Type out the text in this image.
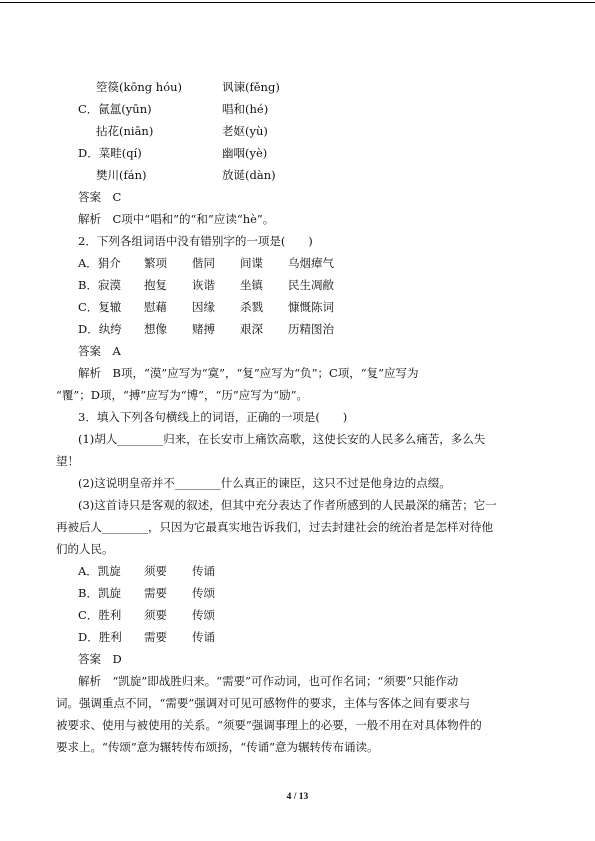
箜篌(kōng hóu)	讽谏(fěng)
C．氤氲(yūn)	唱和(hé)
拈花(niān)	老妪(yù)
D．菜畦(qí)	幽咽(yè)
樊川(fán)	放诞(dàn)
答案　C
解析　C项中“唱和”的“和”应读“hè”。
2．下列各组词语中没有错别字的一项是(　　)
A．狷介 繁项 偕同 间谍 乌烟瘴气
B．寂漠 抱复 诙谐 坐镇 民生凋敝
C．复辙 慰藉 因缘 杀戮 慷慨陈词
D．纨绔 想像 赌搏 艰深 历精图治
答案　A
解析　B项，“漠”应写为“寞”，“复”应写为“负”；C项，“复”应写为
“覆”；D项，“搏”应写为“博”，“历”应写为“励”。
3．填入下列各句横线上的词语，正确的一项是(　　)
(1)胡人________归来，在长安市上痛饮高歌，这使长安的人民多么痛苦，多么失
望！
(2)这说明皇帝并不________什么真正的谏臣，这只不过是他身边的点缀。
(3)这首诗只是客观的叙述，但其中充分表达了作者所感到的人民最深的痛苦；它一
再被后人________，只因为它最真实地告诉我们，过去封建社会的统治者是怎样对待他
们的人民。
A．凯旋 须要 传诵
B．凯旋 需要 传颂
C．胜利 须要 传颂
D．胜利 需要 传诵
答案　D
解析　“凯旋”即战胜归来。“需要”可作动词，也可作名词；“须要”只能作动
词。强调重点不同，“需要”强调对可见可感物件的要求，主体与客体之间有要求与
被要求、使用与被使用的关系。“须要”强调事理上的必要，一般不用在对具体物件的
要求上。“传颂”意为辗转传布颂扬，“传诵”意为辗转传布诵读。
4 / 13
